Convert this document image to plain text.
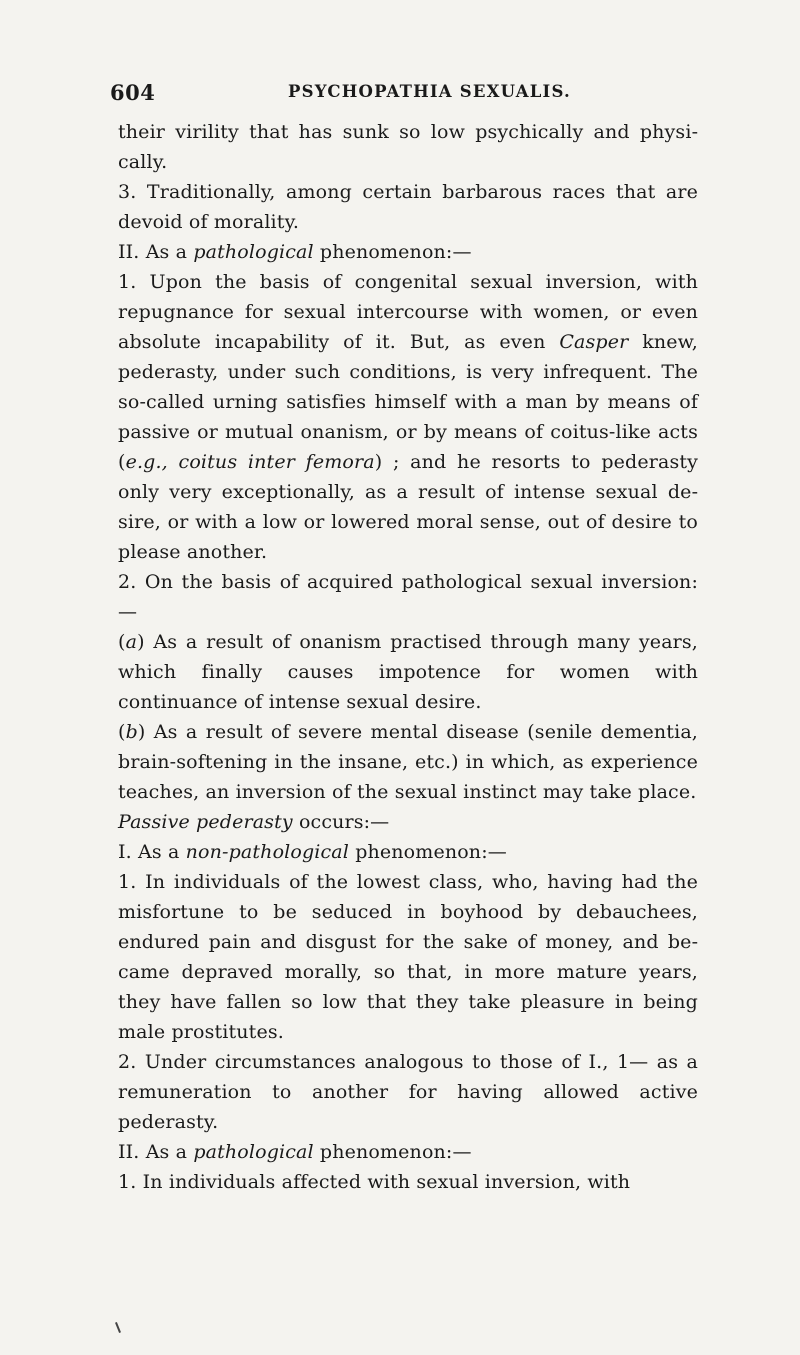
604	PSYCHOPATHIA SEXUALIS.

their virility that has sunk so low psychically and physically.

3. Traditionally, among certain barbarous races that are devoid of morality.

II. As a pathological phenomenon:—

1. Upon the basis of congenital sexual inversion, with repugnance for sexual intercourse with women, or even absolute incapability of it. But, as even Casper knew, pederasty, under such conditions, is very infrequent. The so-called urning satisfies himself with a man by means of passive or mutual onanism, or by means of coitus-like acts (e.g., coitus inter femora) ; and he resorts to pederasty only very exceptionally, as a result of intense sexual desire, or with a low or lowered moral sense, out of desire to please another.

2. On the basis of acquired pathological sexual inversion:—

(a) As a result of onanism practised through many years, which finally causes impotence for women with continuance of intense sexual desire.

(b) As a result of severe mental disease (senile dementia, brain-softening in the insane, etc.) in which, as experience teaches, an inversion of the sexual instinct may take place.

Passive pederasty occurs:—

I. As a non-pathological phenomenon:—

1. In individuals of the lowest class, who, having had the misfortune to be seduced in boyhood by debauchees, endured pain and disgust for the sake of money, and became depraved morally, so that, in more mature years, they have fallen so low that they take pleasure in being male prostitutes.

2. Under circumstances analogous to those of I., 1— as a remuneration to another for having allowed active pederasty.

II. As a pathological phenomenon:—

1. In individuals affected with sexual inversion, with
